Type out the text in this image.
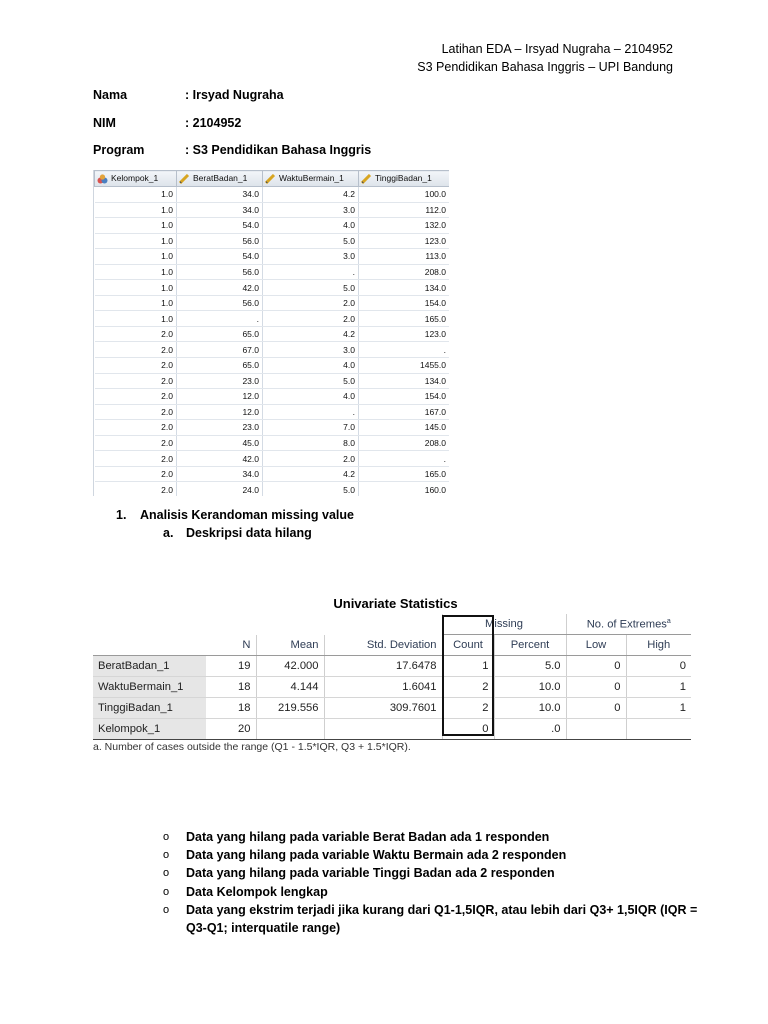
Latihan EDA – Irsyad Nugraha – 2104952
S3 Pendidikan Bahasa Inggris – UPI Bandung
Nama	: Irsyad Nugraha
NIM	: 2104952
Program	: S3 Pendidikan Bahasa Inggris
Kelompok_1	BeratBadan_1	WaktuBermain_1	TinggiBadan_1
1.0	34.0	4.2	100.0
1.0	34.0	3.0	112.0
1.0	54.0	4.0	132.0
1.0	56.0	5.0	123.0
1.0	54.0	3.0	113.0
1.0	56.0	.	208.0
1.0	42.0	5.0	134.0
1.0	56.0	2.0	154.0
1.0	.	2.0	165.0
2.0	65.0	4.2	123.0
2.0	67.0	3.0	.
2.0	65.0	4.0	1455.0
2.0	23.0	5.0	134.0
2.0	12.0	4.0	154.0
2.0	12.0	.	167.0
2.0	23.0	7.0	145.0
2.0	45.0	8.0	208.0
2.0	42.0	2.0	.
2.0	34.0	4.2	165.0
2.0	24.0	5.0	160.0

1. Analisis Kerandoman missing value
a. Deskripsi data hilang
Univariate Statistics
				Missing		No. of Extremes$^a$
	N	Mean	Std. Deviation	Count	Percent	Low	High
BeratBadan_1	19	42.000	17.6478	1	5.0	0	0
WaktuBermain_1	18	4.144	1.6041	2	10.0	0	1
TinggiBadan_1	18	219.556	309.7601	2	10.0	0	1
Kelompok_1	20			0	.0		
a. Number of cases outside the range (Q1 - 1.5*IQR, Q3 + 1.5*IQR).
o Data yang hilang pada variable Berat Badan ada 1 responden
o Data yang hilang pada variable Waktu Bermain ada 2 responden
o Data yang hilang pada variable Tinggi Badan ada 2 responden
o Data Kelompok lengkap
o Data yang ekstrim terjadi jika kurang dari Q1-1,5IQR, atau lebih dari Q3+ 1,5IQR (IQR = Q3-Q1; interquatile range)
